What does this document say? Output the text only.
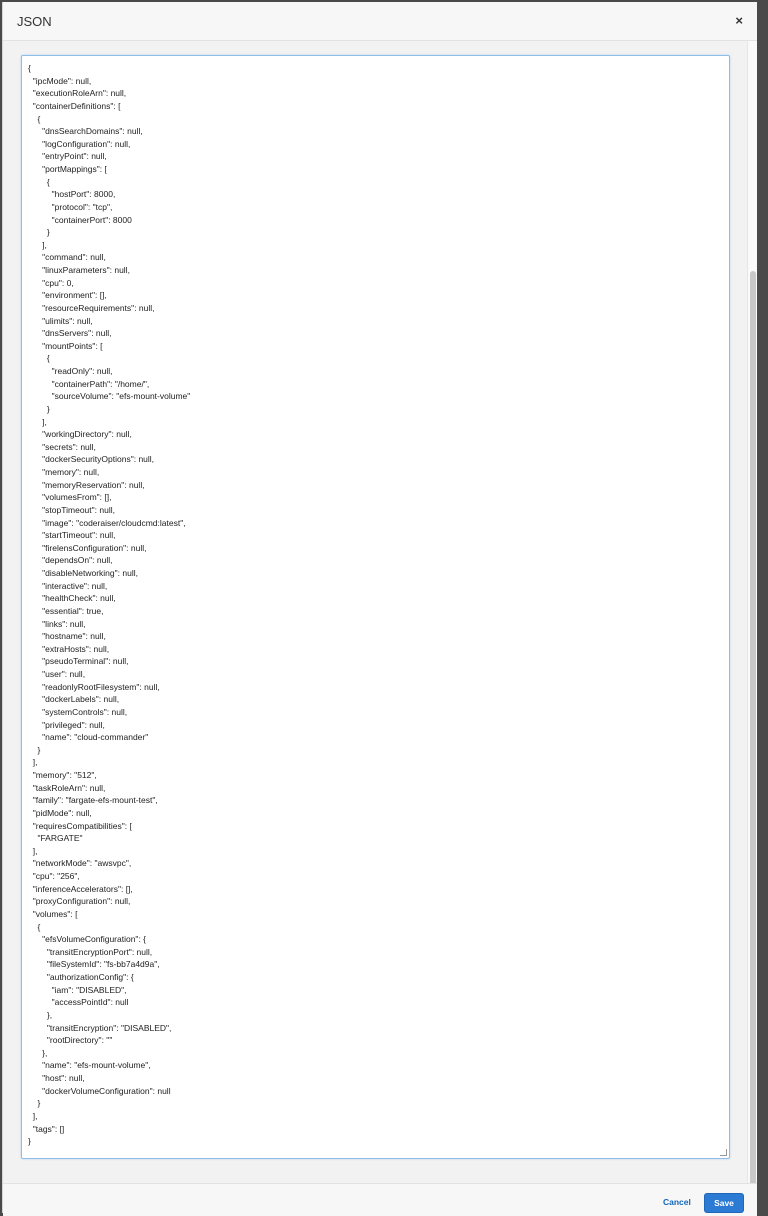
JSON	×
{
"ipcMode": null,
"executionRoleArn": null,
"containerDefinitions": [
{
"dnsSearchDomains": null,
"logConfiguration": null,
"entryPoint": null,
"portMappings": [
{
"hostPort": 8000,
"protocol": "tcp",
"containerPort": 8000
}
],
"command": null,
"linuxParameters": null,
"cpu": 0,
"environment": [],
"resourceRequirements": null,
"ulimits": null,
"dnsServers": null,
"mountPoints": [
{
"readOnly": null,
"containerPath": "/home/",
"sourceVolume": "efs-mount-volume"
}
],
"workingDirectory": null,
"secrets": null,
"dockerSecurityOptions": null,
"memory": null,
"memoryReservation": null,
"volumesFrom": [],
"stopTimeout": null,
"image": "coderaiser/cloudcmd:latest",
"startTimeout": null,
"firelensConfiguration": null,
"dependsOn": null,
"disableNetworking": null,
"interactive": null,
"healthCheck": null,
"essential": true,
"links": null,
"hostname": null,
"extraHosts": null,
"pseudoTerminal": null,
"user": null,
"readonlyRootFilesystem": null,
"dockerLabels": null,
"systemControls": null,
"privileged": null,
"name": "cloud-commander"
}
],
"memory": "512",
"taskRoleArn": null,
"family": "fargate-efs-mount-test",
"pidMode": null,
"requiresCompatibilities": [
"FARGATE"
],
"networkMode": "awsvpc",
"cpu": "256",
"inferenceAccelerators": [],
"proxyConfiguration": null,
"volumes": [
{
"efsVolumeConfiguration": {
"transitEncryptionPort": null,
"fileSystemId": "fs-bb7a4d9a",
"authorizationConfig": {
"iam": "DISABLED",
"accessPointId": null
},
"transitEncryption": "DISABLED",
"rootDirectory": ""
},
"name": "efs-mount-volume",
"host": null,
"dockerVolumeConfiguration": null
}
],
"tags": []
}
Cancel	Save
